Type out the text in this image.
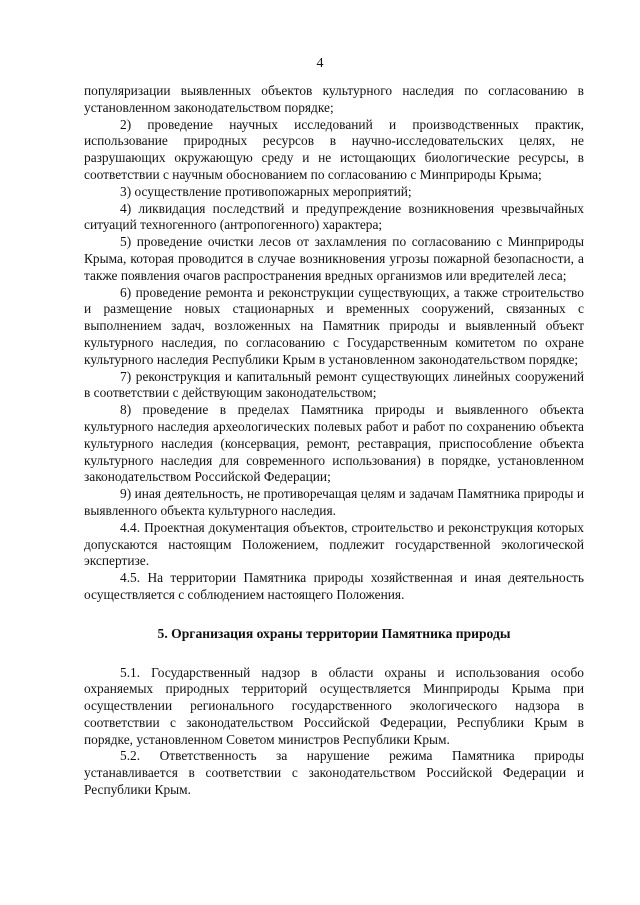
4

популяризации выявленных объектов культурного наследия по согласованию в установленном законодательством порядке;

2) проведение научных исследований и производственных практик, использование природных ресурсов в научно-исследовательских целях, не разрушающих окружающую среду и не истощающих биологические ресурсы, в соответствии с научным обоснованием по согласованию с Минприроды Крыма;

3) осуществление противопожарных мероприятий;

4) ликвидация последствий и предупреждение возникновения чрезвычайных ситуаций техногенного (антропогенного) характера;

5) проведение очистки лесов от захламления по согласованию с Минприроды Крыма, которая проводится в случае возникновения угрозы пожарной безопасности, а также появления очагов распространения вредных организмов или вредителей леса;

6) проведение ремонта и реконструкции существующих, а также строительство и размещение новых стационарных и временных сооружений, связанных с выполнением задач, возложенных на Памятник природы и выявленный объект культурного наследия, по согласованию с Государственным комитетом по охране культурного наследия Республики Крым в установленном законодательством порядке;

7) реконструкция и капитальный ремонт существующих линейных сооружений в соответствии с действующим законодательством;

8) проведение в пределах Памятника природы и выявленного объекта культурного наследия археологических полевых работ и работ по сохранению объекта культурного наследия (консервация, ремонт, реставрация, приспособление объекта культурного наследия для современного использования) в порядке, установленном законодательством Российской Федерации;

9) иная деятельность, не противоречащая целям и задачам Памятника природы и выявленного объекта культурного наследия.

4.4. Проектная документация объектов, строительство и реконструкция которых допускаются настоящим Положением, подлежит государственной экологической экспертизе.

4.5. На территории Памятника природы хозяйственная и иная деятельность осуществляется с соблюдением настоящего Положения.

5. Организация охраны территории Памятника природы

5.1. Государственный надзор в области охраны и использования особо охраняемых природных территорий осуществляется Минприроды Крыма при осуществлении регионального государственного экологического надзора в соответствии с законодательством Российской Федерации, Республики Крым в порядке, установленном Советом министров Республики Крым.

5.2. Ответственность за нарушение режима Памятника природы устанавливается в соответствии с законодательством Российской Федерации и Республики Крым.
